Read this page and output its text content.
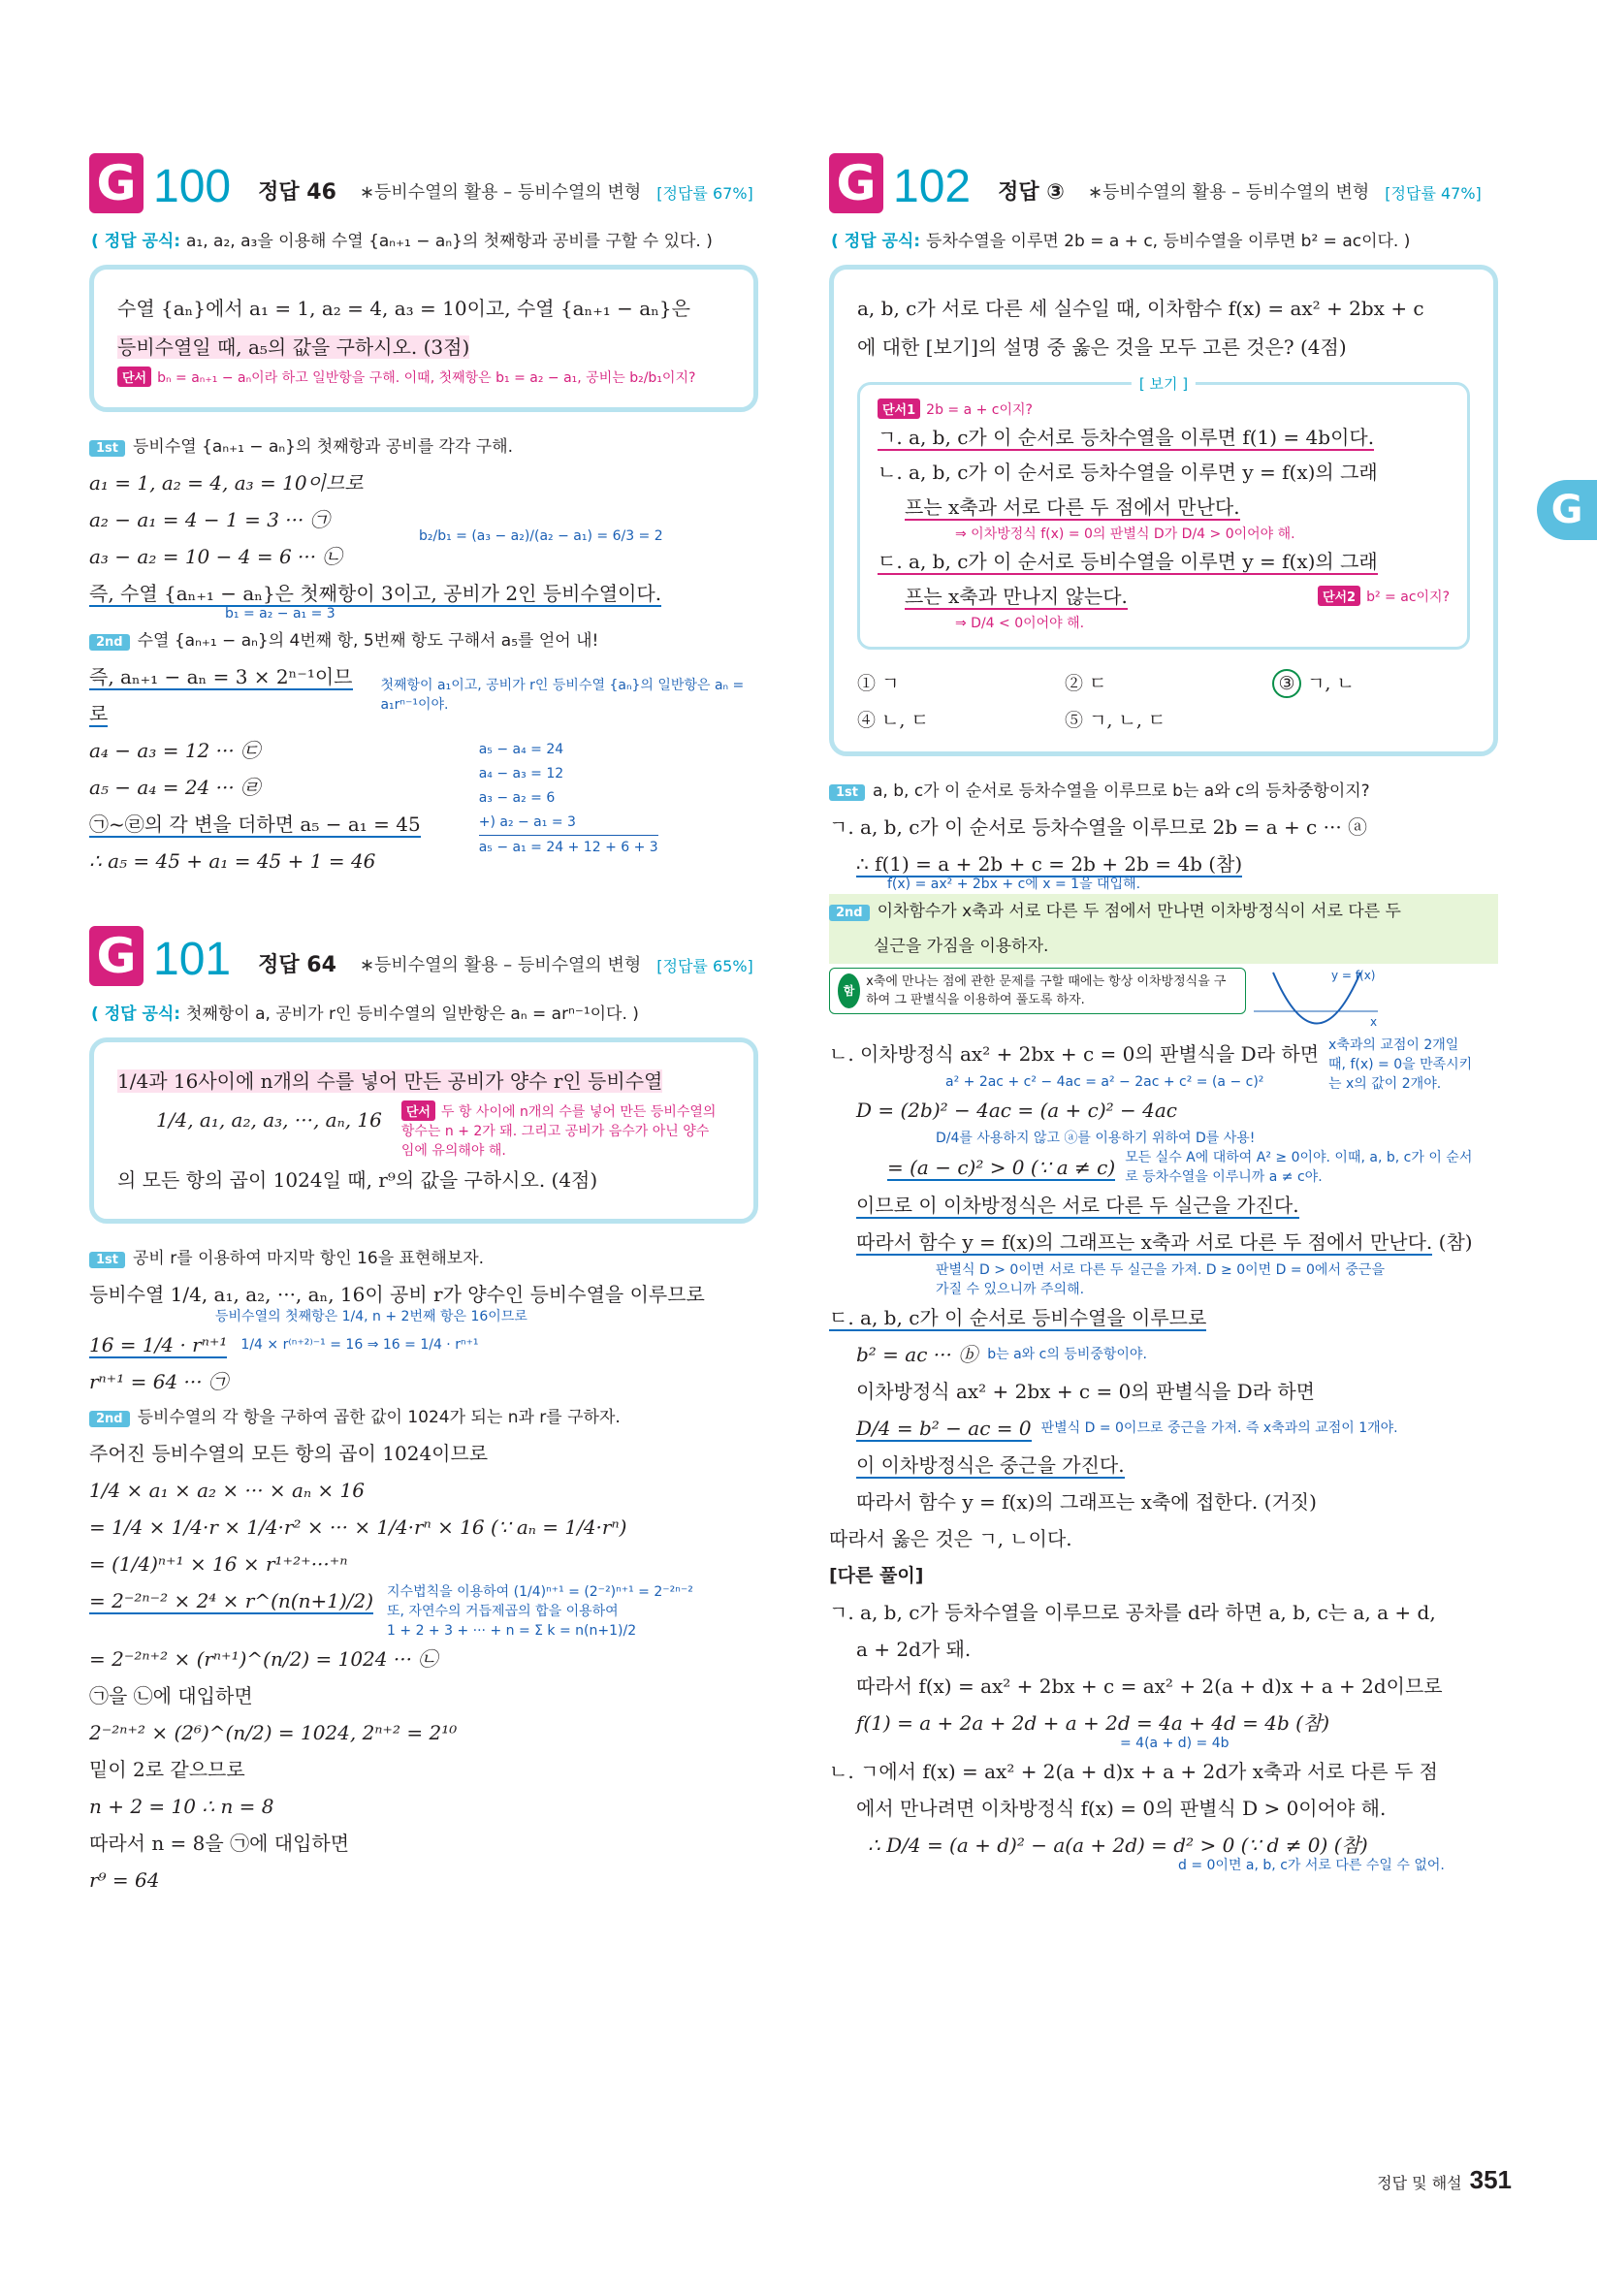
G
G 100 정답 46 ∗등비수열의 활용 – 등비수열의 변형 [정답률 67%]
( 정답 공식: a₁, a₂, a₃을 이용해 수열 {aₙ₊₁ − aₙ}의 첫째항과 공비를 구할 수 있다. )

수열 {aₙ}에서 a₁ = 1, a₂ = 4, a₃ = 10이고, 수열 {aₙ₊₁ − aₙ}은

등비수열일 때, a₅의 값을 구하시오. (3점)

단서 bₙ = aₙ₊₁ − aₙ이라 하고 일반항을 구해. 이때, 첫째항은 b₁ = a₂ − a₁, 공비는 b₂/b₁이지?
1st 등비수열 {aₙ₊₁ − aₙ}의 첫째항과 공비를 각각 구해.

a₁ = 1, a₂ = 4, a₃ = 10이므로

a₂ − a₁ = 4 − 1 = 3 ··· ㉠

a₃ − a₂ = 10 − 4 = 6 ··· ㉡

b₂/b₁ = (a₃ − a₂)/(a₂ − a₁) = 6/3 = 2

즉, 수열 {aₙ₊₁ − aₙ}은 첫째항이 3이고, 공비가 2인 등비수열이다.

b₁ = a₂ − a₁ = 3
2nd 수열 {aₙ₊₁ − aₙ}의 4번째 항, 5번째 항도 구해서 a₅를 얻어 내!

즉, aₙ₊₁ − aₙ = 3 × 2ⁿ⁻¹이므로

첫째항이 a₁이고, 공비가 r인 등비수열 {aₙ}의 일반항은 aₙ = a₁rⁿ⁻¹이야.

a₄ − a₃ = 12 ··· ㉢

a₅ − a₄ = 24 ··· ㉣

㉠~㉣의 각 변을 더하면 a₅ − a₁ = 45

∴ a₅ = 45 + a₁ = 45 + 1 = 46

a₅ − a₄ = 24
a₄ − a₃ = 12
a₃ − a₂ = 6
+) a₂ − a₁ = 3
a₅ − a₁ = 24 + 12 + 6 + 3
G 101 정답 64 ∗등비수열의 활용 – 등비수열의 변형 [정답률 65%]
( 정답 공식: 첫째항이 a, 공비가 r인 등비수열의 일반항은 aₙ = arⁿ⁻¹이다. )

1/4과 16사이에 n개의 수를 넣어 만든 공비가 양수 r인 등비수열

1/4, a₁, a₂, a₃, ···, aₙ, 16	단서 두 항 사이에 n개의 수를 넣어 만든 등비수열의 항수는 n + 2가 돼. 그리고 공비가 음수가 아닌 양수임에 유의해야 해.

의 모든 항의 곱이 1024일 때, r⁹의 값을 구하시오. (4점)

1st 공비 r를 이용하여 마지막 항인 16을 표현해보자.

등비수열 1/4, a₁, a₂, ···, aₙ, 16이 공비 r가 양수인 등비수열을 이루므로

등비수열의 첫째항은 1/4, n + 2번째 항은 16이므로

16 = 1/4 · rⁿ⁺¹ 1/4 × r⁽ⁿ⁺²⁾⁻¹ = 16 ⇒ 16 = 1/4 · rⁿ⁺¹

rⁿ⁺¹ = 64 ··· ㉠

2nd 등비수열의 각 항을 구하여 곱한 값이 1024가 되는 n과 r를 구하자.

주어진 등비수열의 모든 항의 곱이 1024이므로

1/4 × a₁ × a₂ × ··· × aₙ × 16

= 1/4 × 1/4·r × 1/4·r² × ··· × 1/4·rⁿ × 16 (∵ aₙ = 1/4·rⁿ)

= (1/4)ⁿ⁺¹ × 16 × r¹⁺²⁺···⁺ⁿ

= 2⁻²ⁿ⁻² × 2⁴ × r^(n(n+1)/2) 지수법칙을 이용하여 (1/4)ⁿ⁺¹ = (2⁻²)ⁿ⁺¹ = 2⁻²ⁿ⁻²
또, 자연수의 거듭제곱의 합을 이용하여
1 + 2 + 3 + ··· + n = Σ k = n(n+1)/2

= 2⁻²ⁿ⁺² × (rⁿ⁺¹)^(n/2) = 1024 ··· ㉡

㉠을 ㉡에 대입하면

2⁻²ⁿ⁺² × (2⁶)^(n/2) = 1024, 2ⁿ⁺² = 2¹⁰

밑이 2로 같으므로

n + 2 = 10 ∴ n = 8

따라서 n = 8을 ㉠에 대입하면

r⁹ = 64

G 102 정답 ③ ∗등비수열의 활용 – 등비수열의 변형 [정답률 47%]
( 정답 공식: 등차수열을 이루면 2b = a + c, 등비수열을 이루면 b² = ac이다. )

a, b, c가 서로 다른 세 실수일 때, 이차함수 f(x) = ax² + 2bx + c

에 대한 [보기]의 설명 중 옳은 것을 모두 고른 것은? (4점)

[ 보기 ]
단서1 2b = a + c이지?

ㄱ. a, b, c가 이 순서로 등차수열을 이루면 f(1) = 4b이다.

ㄴ. a, b, c가 이 순서로 등차수열을 이루면 y = f(x)의 그래

프는 x축과 서로 다른 두 점에서 만난다.

⇒ 이차방정식 f(x) = 0의 판별식 D가 D/4 > 0이어야 해.

ㄷ. a, b, c가 이 순서로 등비수열을 이루면 y = f(x)의 그래

프는 x축과 만나지 않는다.	단서2 b² = ac이지?
⇒ D/4 < 0이어야 해.
① ㄱ	② ㄷ	③ ㄱ, ㄴ
④ ㄴ, ㄷ	⑤ ㄱ, ㄴ, ㄷ
1st a, b, c가 이 순서로 등차수열을 이루므로 b는 a와 c의 등차중항이지?

ㄱ. a, b, c가 이 순서로 등차수열을 이루므로 2b = a + c ··· ⓐ

∴ f(1) = a + 2b + c = 2b + 2b = 4b (참)

f(x) = ax² + 2bx + c에 x = 1을 대입해.
2nd 이차함수가 x축과 서로 다른 두 점에서 만나면 이차방정식이 서로 다른 두
실근을 가짐을 이용하자.
함정
x축에 만나는 점에 관한 문제를 구할 때에는 항상 이차방정식을 구하여 그 판별식을 이용하여 풀도록 하자.
y = f(x)
x

ㄴ. 이차방정식 ax² + 2bx + c = 0의 판별식을 D라 하면 x축과의 교점이 2개일 때, f(x) = 0을 만족시키는 x의 값이 2개야.
a² + 2ac + c² − 4ac = a² − 2ac + c² = (a − c)²

D = (2b)² − 4ac = (a + c)² − 4ac

D/4를 사용하지 않고 ⓐ를 이용하기 위하여 D를 사용!

= (a − c)² > 0 (∵ a ≠ c) 모든 실수 A에 대하여 A² ≥ 0이야. 이때, a, b, c가 이 순서로 등차수열을 이루니까 a ≠ c야.

이므로 이 이차방정식은 서로 다른 두 실근을 가진다.

따라서 함수 y = f(x)의 그래프는 x축과 서로 다른 두 점에서 만난다. (참)

판별식 D > 0이면 서로 다른 두 실근을 가져. D ≥ 0이면 D = 0에서 중근을 가질 수 있으니까 주의해.

ㄷ. a, b, c가 이 순서로 등비수열을 이루므로

b² = ac ··· ⓑ b는 a와 c의 등비중항이야.

이차방정식 ax² + 2bx + c = 0의 판별식을 D라 하면

D/4 = b² − ac = 0 판별식 D = 0이므로 중근을 가져. 즉 x축과의 교점이 1개야.

이 이차방정식은 중근을 가진다.

따라서 함수 y = f(x)의 그래프는 x축에 접한다. (거짓)

따라서 옳은 것은 ㄱ, ㄴ이다.

[다른 풀이]

ㄱ. a, b, c가 등차수열을 이루므로 공차를 d라 하면 a, b, c는 a, a + d,

a + 2d가 돼.

따라서 f(x) = ax² + 2bx + c = ax² + 2(a + d)x + a + 2d이므로

f(1) = a + 2a + 2d + a + 2d = 4a + 4d = 4b (참)

= 4(a + d) = 4b

ㄴ. ㄱ에서 f(x) = ax² + 2(a + d)x + a + 2d가 x축과 서로 다른 두 점

에서 만나려면 이차방정식 f(x) = 0의 판별식 D > 0이어야 해.

∴ D/4 = (a + d)² − a(a + 2d) = d² > 0 (∵ d ≠ 0) (참)

d = 0이면 a, b, c가 서로 다른 수일 수 없어.
정답 및 해설 351
